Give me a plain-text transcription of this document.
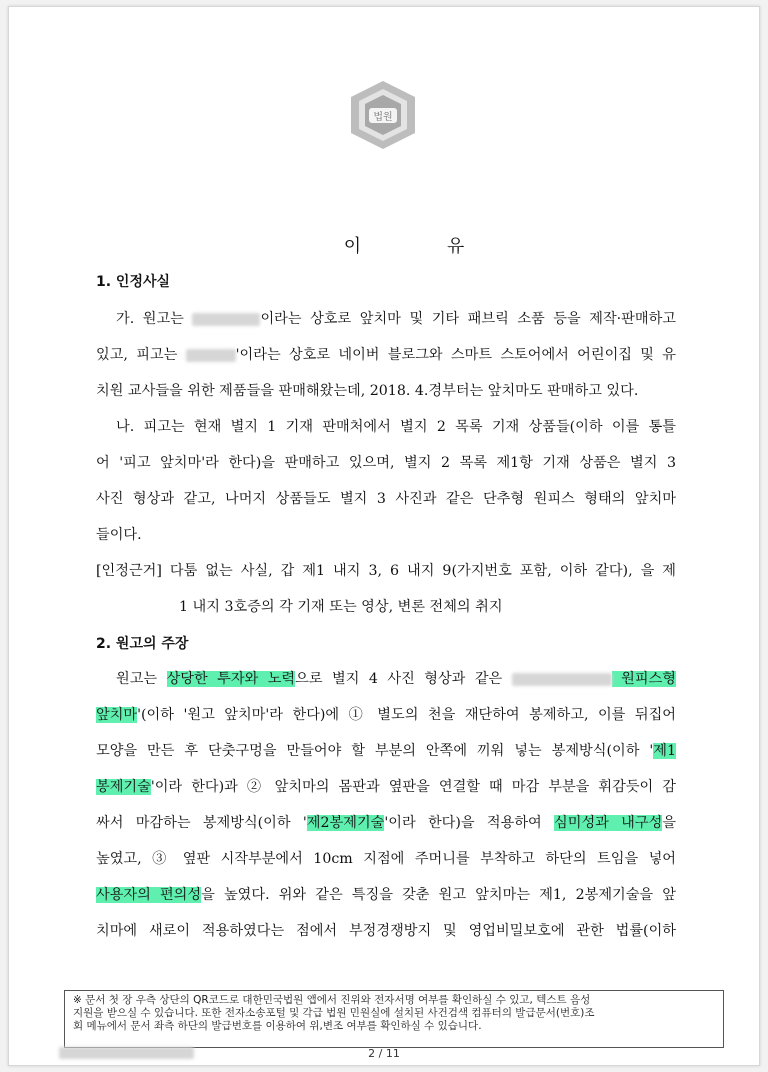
법원
이 유
1. 인정사실
가. 원고는	이라는 상호로 앞치마 및 기타 패브릭 소품 등을 제작·판매하고
있고, 피고는	'이라는 상호로 네이버 블로그와 스마트 스토어에서 어린이집 및 유
치원 교사들을 위한 제품들을 판매해왔는데, 2018. 4.경부터는 앞치마도 판매하고 있다.
나. 피고는 현재 별지 1 기재 판매처에서 별지 2 목록 기재 상품들(이하 이를 통틀
어 '피고 앞치마'라 한다)을 판매하고 있으며, 별지 2 목록 제1항 기재 상품은 별지 3
사진 형상과 같고, 나머지 상품들도 별지 3 사진과 같은 단추형 원피스 형태의 앞치마
들이다.
[인정근거] 다툼 없는 사실, 갑 제1 내지 3, 6 내지 9(가지번호 포함, 이하 같다), 을 제
1 내지 3호증의 각 기재 또는 영상, 변론 전체의 취지
2. 원고의 주장
원고는 상당한 투자와 노력으로 별지 4 사진 형상과 같은	원피스형
앞치마'(이하 '원고 앞치마'라 한다)에 ① 별도의 천을 재단하여 봉제하고, 이를 뒤집어
모양을 만든 후 단춧구멍을 만들어야 할 부분의 안쪽에 끼워 넣는 봉제방식(이하 '제1
봉제기술'이라 한다)과 ② 앞치마의 몸판과 옆판을 연결할 때 마감 부분을 휘감듯이 감
싸서 마감하는 봉제방식(이하 '제2봉제기술'이라 한다)을 적용하여 심미성과 내구성을
높였고, ③ 옆판 시작부분에서 10cm 지점에 주머니를 부착하고 하단의 트임을 넣어
사용자의 편의성을 높였다. 위와 같은 특징을 갖춘 원고 앞치마는 제1, 2봉제기술을 앞
치마에 새로이 적용하였다는 점에서 부정경쟁방지 및 영업비밀보호에 관한 법률(이하
※ 문서 첫 장 우측 상단의 QR코드로 대한민국법원 앱에서 진위와 전자서명 여부를 확인하실 수 있고, 텍스트 음성
지원을 받으실 수 있습니다. 또한 전자소송포털 및 각급 법원 민원실에 설치된 사건검색 컴퓨터의 발급문서(번호)조
회 메뉴에서 문서 좌측 하단의 발급번호를 이용하여 위,변조 여부를 확인하실 수 있습니다.
2 / 11
